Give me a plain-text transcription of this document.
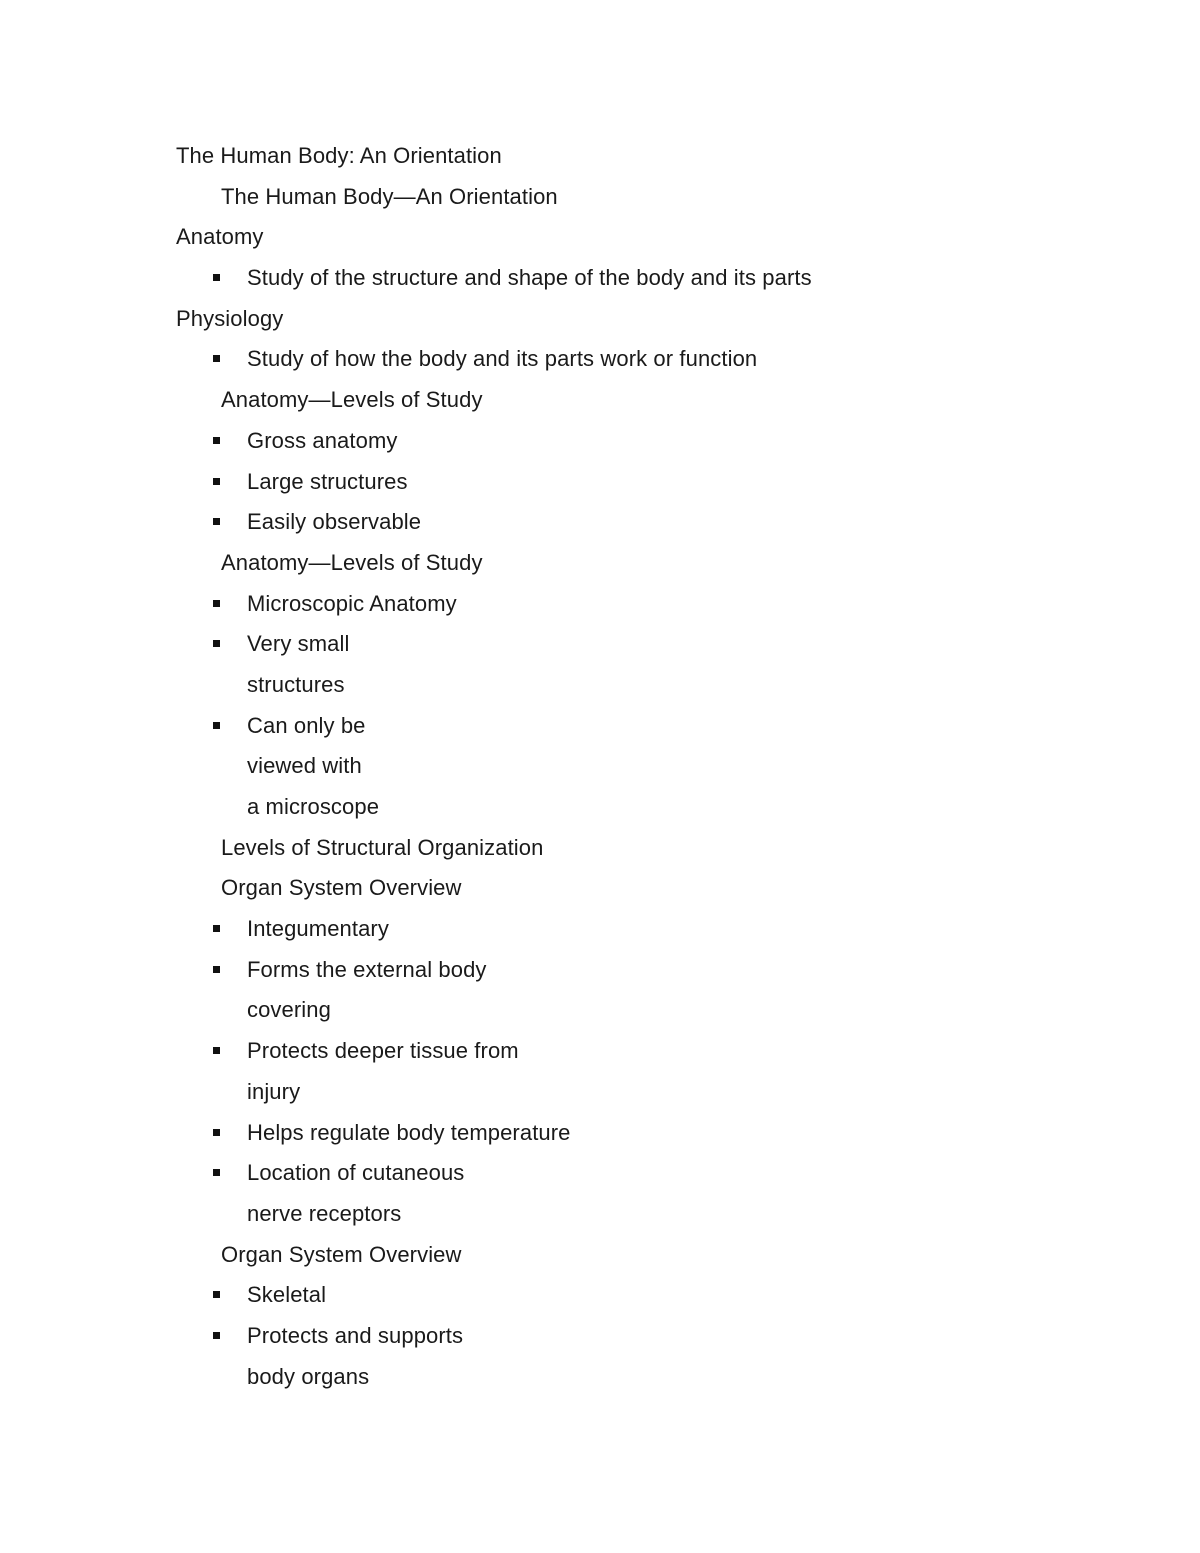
The Human Body: An Orientation
The Human Body—An Orientation
Anatomy
Study of the structure and shape of the body and its parts
Physiology
Study of how the body and its parts work or function
Anatomy—Levels of Study
Gross anatomy
Large structures
Easily observable
Anatomy—Levels of Study
Microscopic Anatomy
Very small
structures
Can only be
viewed with
a microscope
Levels of Structural Organization
Organ System Overview
Integumentary
Forms the external body
covering
Protects deeper tissue from
injury
Helps regulate body temperature
Location of cutaneous
nerve receptors
Organ System Overview
Skeletal
Protects and supports
body organs
